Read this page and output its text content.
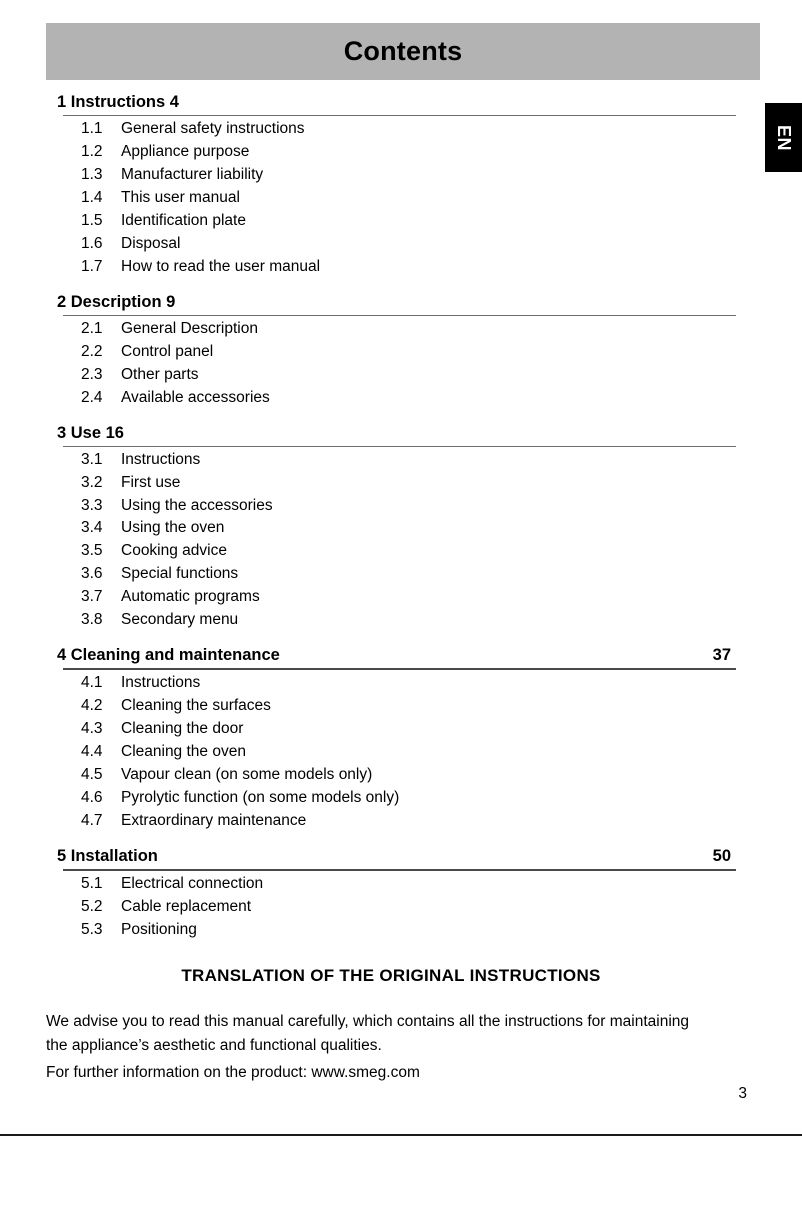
Contents
EN
1 Instructions 4
1.1	General safety instructions
1.2	Appliance purpose
1.3	Manufacturer liability
1.4	This user manual
1.5	Identification plate
1.6	Disposal
1.7	How to read the user manual
2 Description 9
2.1	General Description
2.2	Control panel
2.3	Other parts
2.4	Available accessories
3 Use 16
3.1	Instructions
3.2	First use
3.3	Using the accessories
3.4	Using the oven
3.5	Cooking advice
3.6	Special functions
3.7	Automatic programs
3.8	Secondary menu
4 Cleaning and maintenance	37
4.1	Instructions
4.2	Cleaning the surfaces
4.3	Cleaning the door
4.4	Cleaning the oven
4.5	Vapour clean (on some models only)
4.6	Pyrolytic function (on some models only)
4.7	Extraordinary maintenance
5 Installation	50
5.1	Electrical connection
5.2	Cable replacement
5.3	Positioning
TRANSLATION OF THE ORIGINAL INSTRUCTIONS
We advise you to read this manual carefully, which contains all the instructions for maintaining the appliance’s aesthetic and functional qualities.
For further information on the product: www.smeg.com
3
